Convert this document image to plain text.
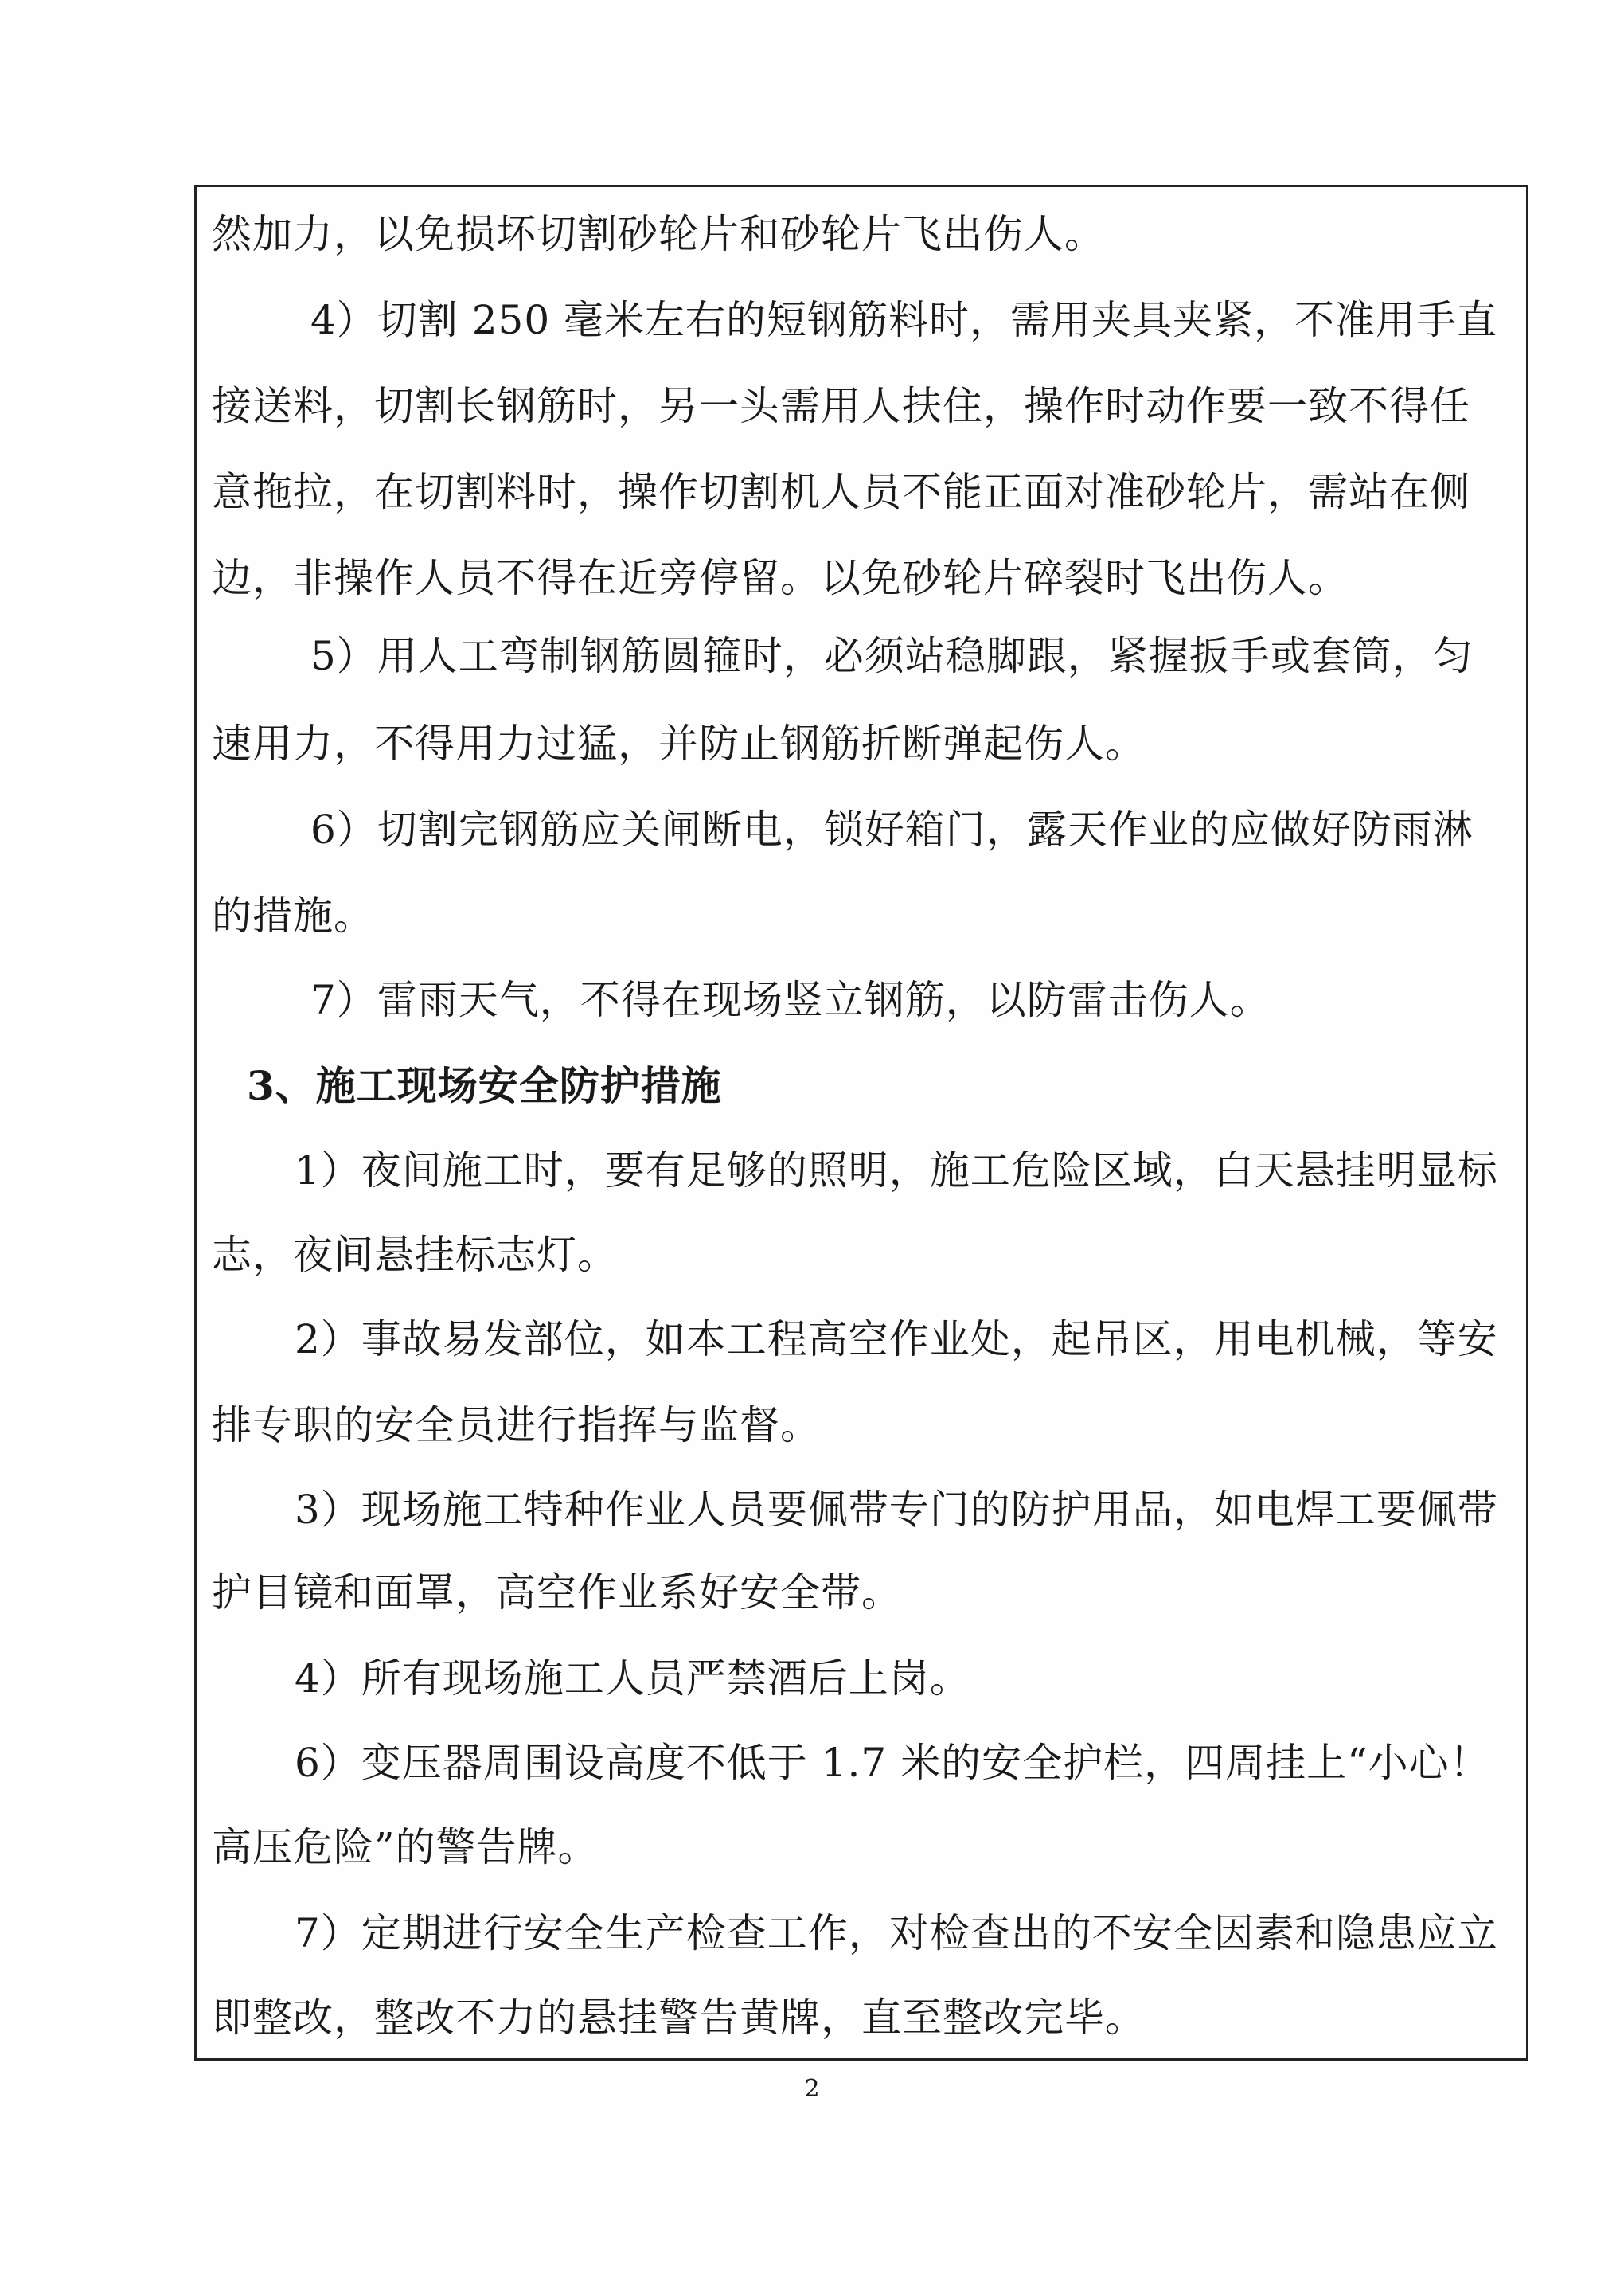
然加力，以免损坏切割砂轮片和砂轮片飞出伤人。

4）切割 250 毫米左右的短钢筋料时，需用夹具夹紧，不准用手直

接送料，切割长钢筋时，另一头需用人扶住，操作时动作要一致不得任

意拖拉，在切割料时，操作切割机人员不能正面对准砂轮片，需站在侧

边，非操作人员不得在近旁停留。以免砂轮片碎裂时飞出伤人。

5）用人工弯制钢筋圆箍时，必须站稳脚跟，紧握扳手或套筒，匀

速用力，不得用力过猛，并防止钢筋折断弹起伤人。

6）切割完钢筋应关闸断电，锁好箱门，露天作业的应做好防雨淋

的措施。

7）雷雨天气，不得在现场竖立钢筋，以防雷击伤人。

3、施工现场安全防护措施

1）夜间施工时，要有足够的照明，施工危险区域，白天悬挂明显标

志，夜间悬挂标志灯。

2）事故易发部位，如本工程高空作业处，起吊区，用电机械，等安

排专职的安全员进行指挥与监督。

3）现场施工特种作业人员要佩带专门的防护用品，如电焊工要佩带

护目镜和面罩，高空作业系好安全带。

4）所有现场施工人员严禁酒后上岗。

6）变压器周围设高度不低于 1.7 米的安全护栏，四周挂上“小心！

高压危险”的警告牌。

7）定期进行安全生产检查工作，对检查出的不安全因素和隐患应立

即整改，整改不力的悬挂警告黄牌，直至整改完毕。

2
